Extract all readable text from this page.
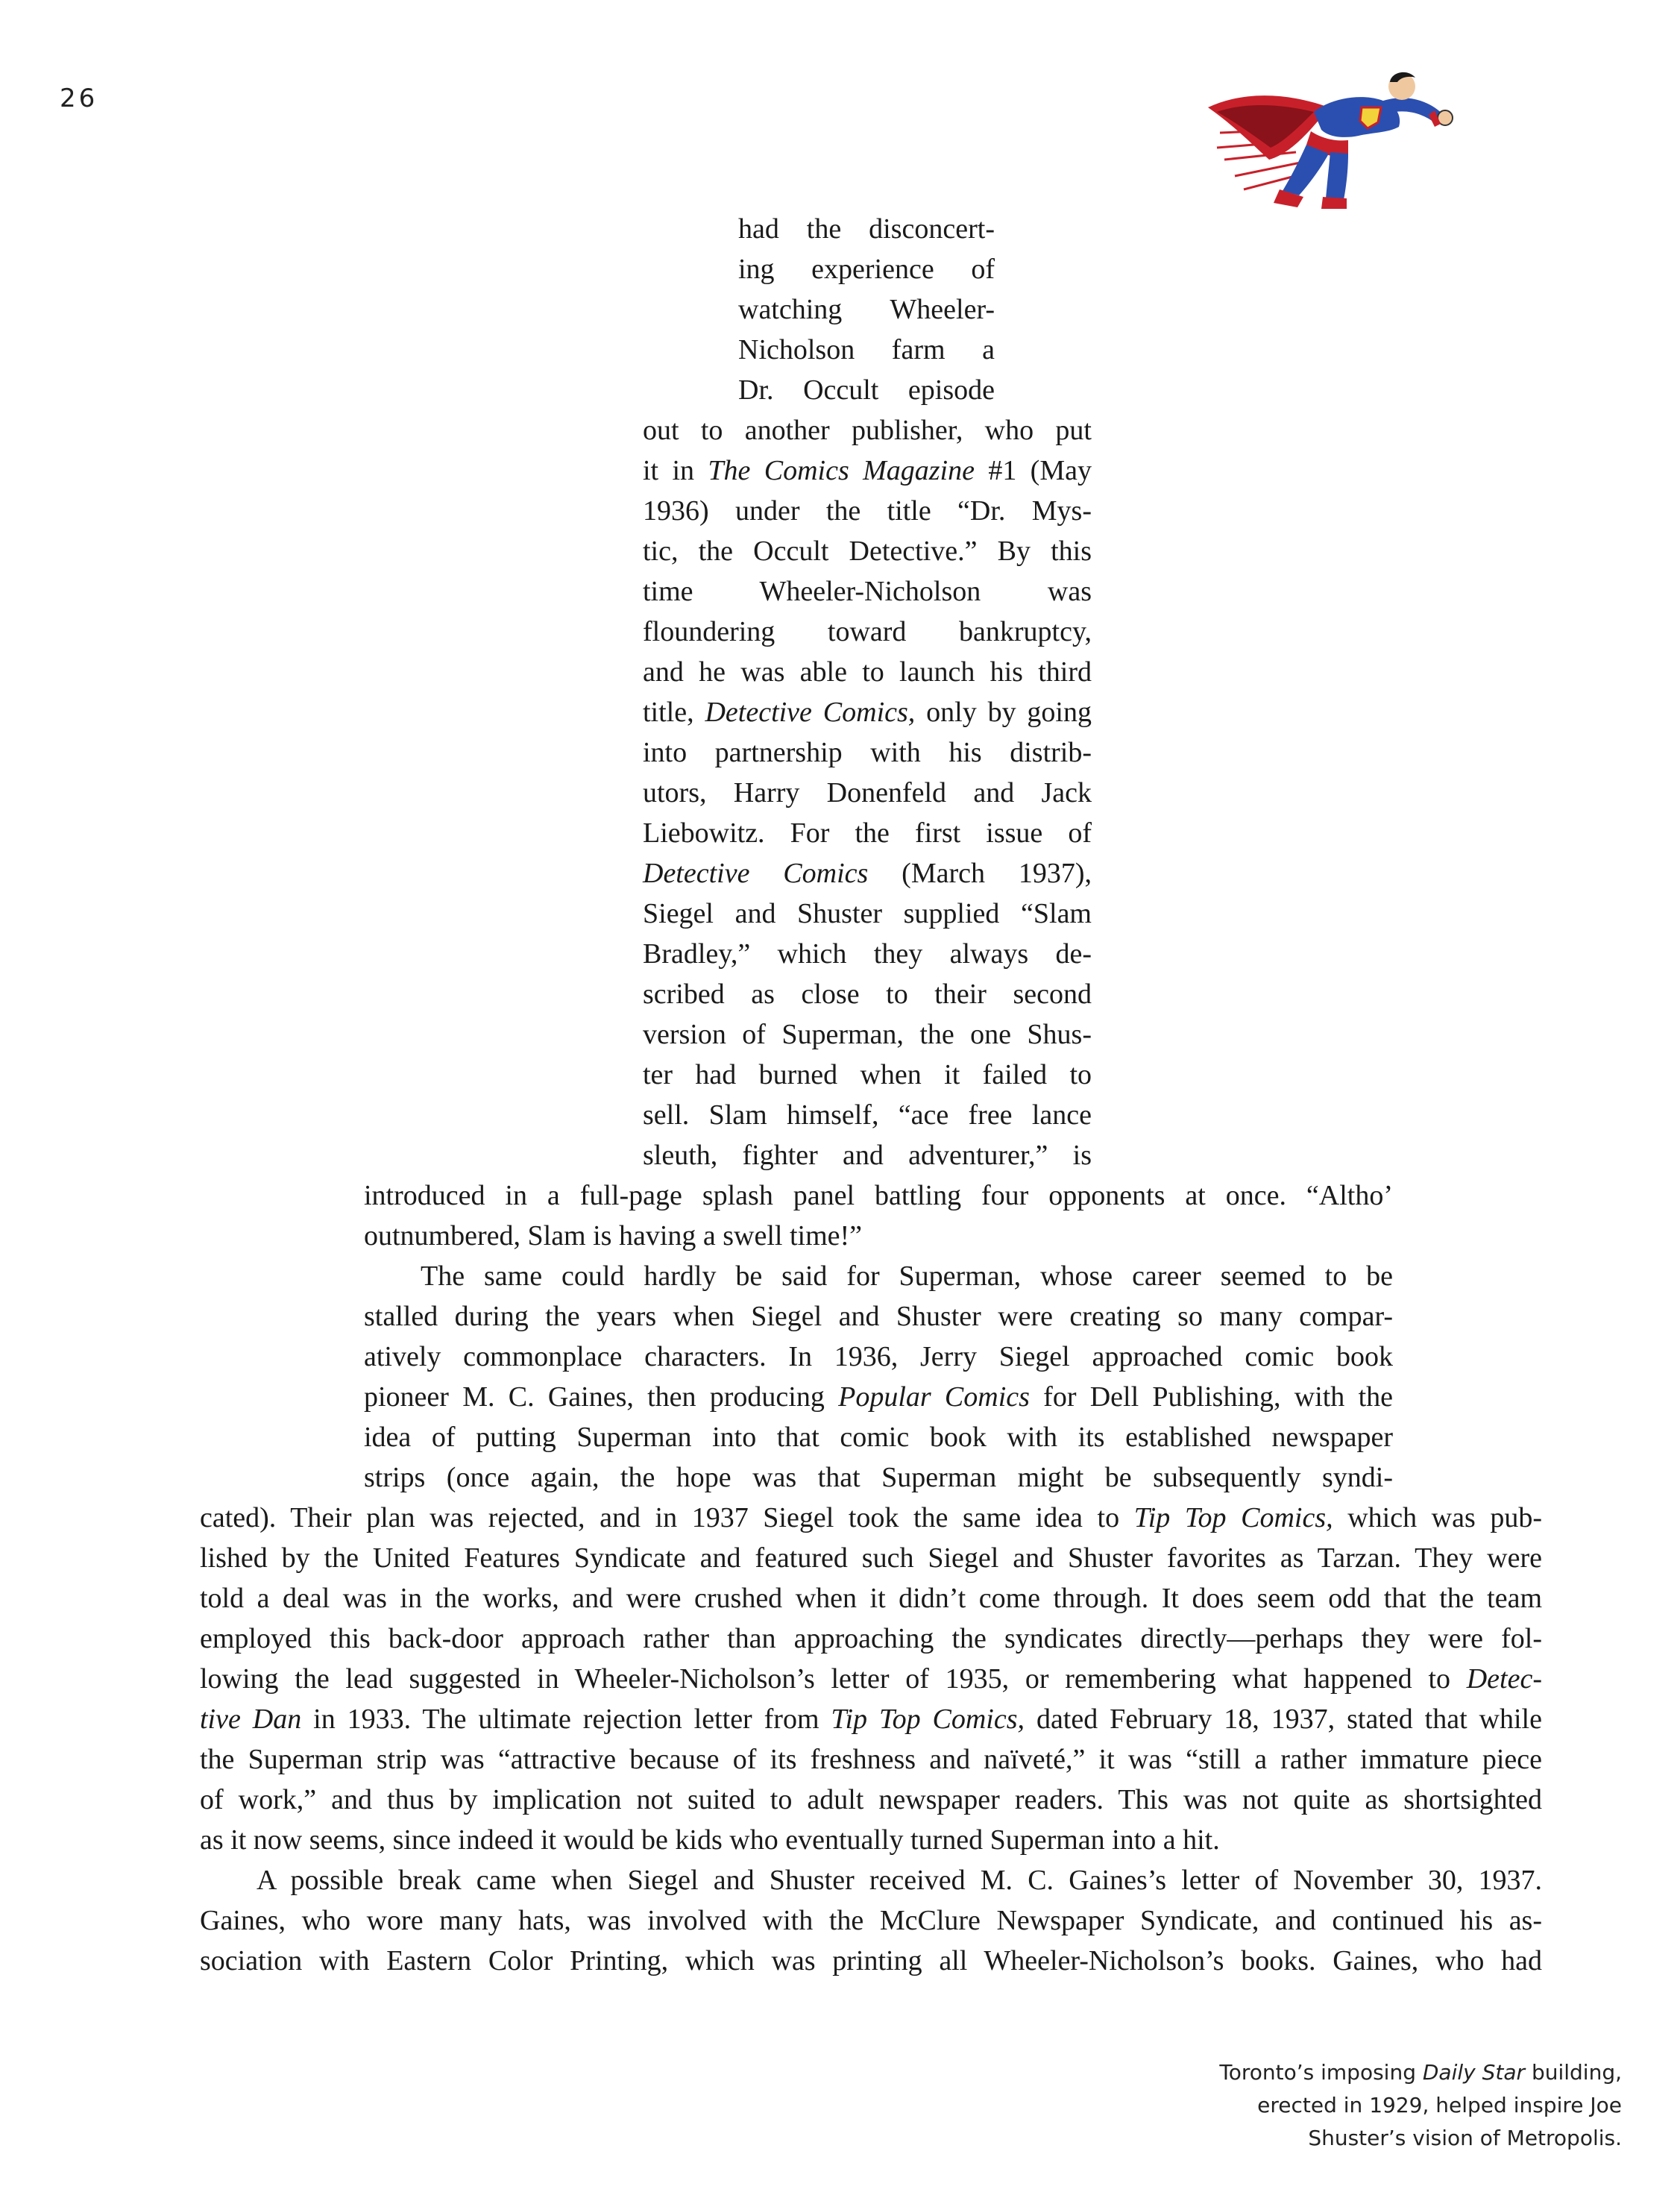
26
had the disconcert-
ing experience of
watching Wheeler-
Nicholson farm a
Dr. Occult episode
out to another publisher, who put
it in The Comics Magazine #1 (May
1936) under the title “Dr. Mys-
tic, the Occult Detective.” By this
time Wheeler-Nicholson was
floundering toward bankruptcy,
and he was able to launch his third
title, Detective Comics, only by going
into partnership with his distrib-
utors, Harry Donenfeld and Jack
Liebowitz. For the first issue of
Detective Comics (March 1937),
Siegel and Shuster supplied “Slam
Bradley,” which they always de-
scribed as close to their second
version of Superman, the one Shus-
ter had burned when it failed to
sell. Slam himself, “ace free lance
sleuth, fighter and adventurer,” is
introduced in a full-page splash panel battling four opponents at once. “Altho’
outnumbered, Slam is having a swell time!”
The same could hardly be said for Superman, whose career seemed to be
stalled during the years when Siegel and Shuster were creating so many compar-
atively commonplace characters. In 1936, Jerry Siegel approached comic book
pioneer M. C. Gaines, then producing Popular Comics for Dell Publishing, with the
idea of putting Superman into that comic book with its established newspaper
strips (once again, the hope was that Superman might be subsequently syndi-
cated). Their plan was rejected, and in 1937 Siegel took the same idea to Tip Top Comics, which was pub-
lished by the United Features Syndicate and featured such Siegel and Shuster favorites as Tarzan. They were
told a deal was in the works, and were crushed when it didn’t come through. It does seem odd that the team
employed this back-door approach rather than approaching the syndicates directly—perhaps they were fol-
lowing the lead suggested in Wheeler-Nicholson’s letter of 1935, or remembering what happened to Detec-
tive Dan in 1933. The ultimate rejection letter from Tip Top Comics, dated February 18, 1937, stated that while
the Superman strip was “attractive because of its freshness and naïveté,” it was “still a rather immature piece
of work,” and thus by implication not suited to adult newspaper readers. This was not quite as shortsighted
as it now seems, since indeed it would be kids who eventually turned Superman into a hit.
A possible break came when Siegel and Shuster received M. C. Gaines’s letter of November 30, 1937.
Gaines, who wore many hats, was involved with the McClure Newspaper Syndicate, and continued his as-
sociation with Eastern Color Printing, which was printing all Wheeler-Nicholson’s books. Gaines, who had
Toronto’s imposing Daily Star building,
erected in 1929, helped inspire Joe
Shuster’s vision of Metropolis.
